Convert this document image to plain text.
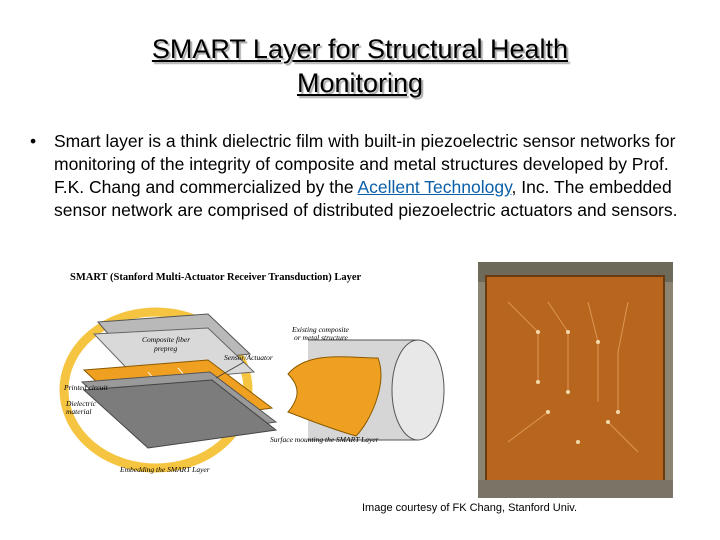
SMART Layer for Structural Health
Monitoring
• Smart layer is a think dielectric film with built-in piezoelectric sensor networks for monitoring of the integrity of composite and metal structures developed by Prof. F.K. Chang and commercialized by the Acellent Technology, Inc. The embedded sensor network are comprised of distributed piezoelectric actuators and sensors.
SMART (Stanford Multi-Actuator Receiver Transduction) Layer
Composite fiber
prepreg
Sensor/Actuator
Printed circuit
Dielectric
material
Embedding the SMART Layer
Existing composite
or metal structure
Surface mounting the SMART Layer
Image courtesy of FK Chang, Stanford Univ.
